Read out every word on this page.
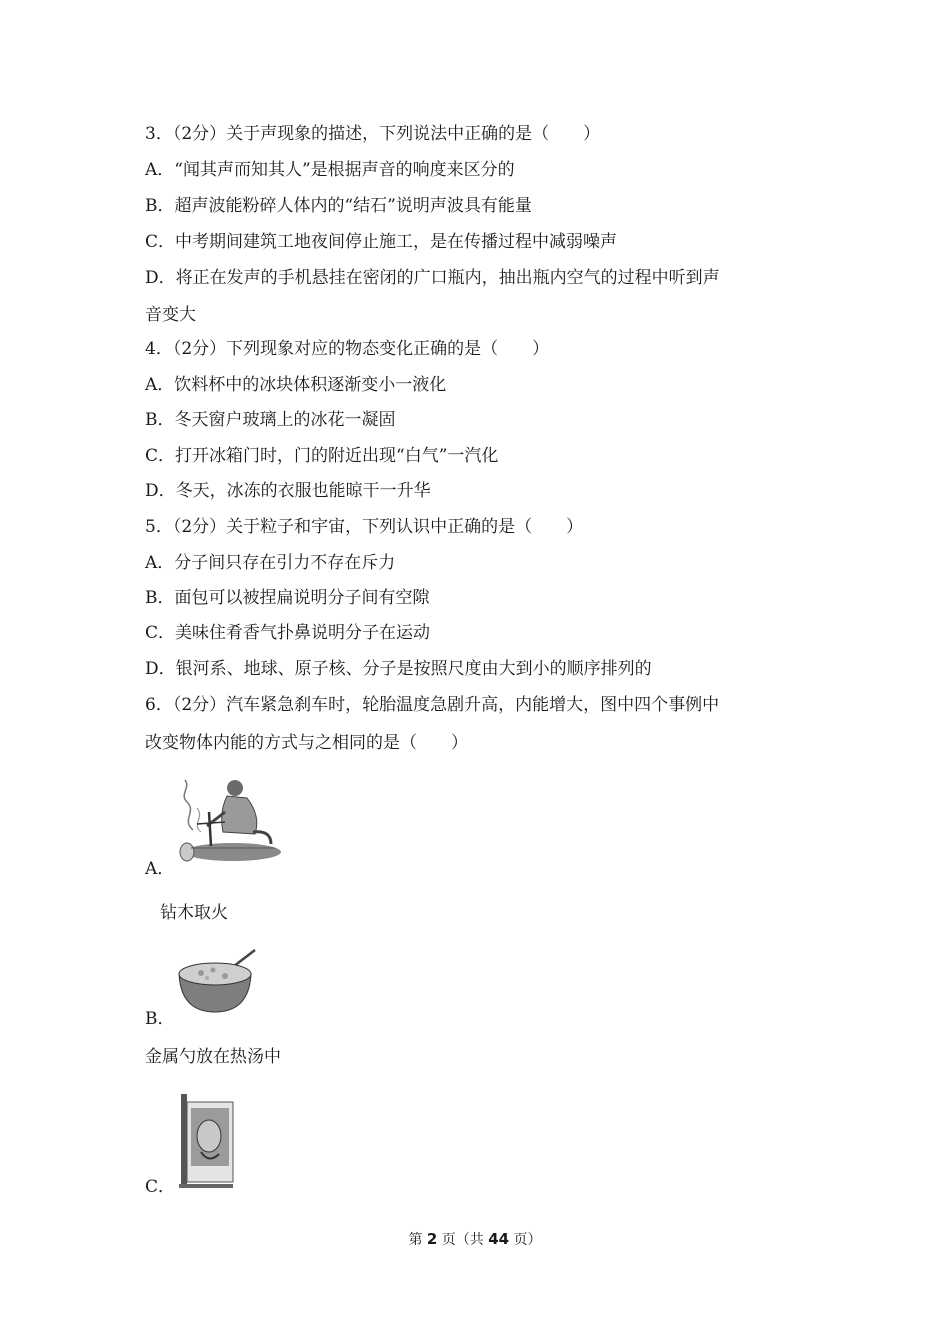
3．（2分）关于声现象的描述，下列说法中正确的是（　　）
A．“闻其声而知其人”是根据声音的响度来区分的
B．超声波能粉碎人体内的“结石”说明声波具有能量
C．中考期间建筑工地夜间停止施工，是在传播过程中减弱噪声
D．将正在发声的手机悬挂在密闭的广口瓶内，抽出瓶内空气的过程中听到声
音变大
4．（2分）下列现象对应的物态变化正确的是（　　）
A．饮料杯中的冰块体积逐渐变小一液化
B．冬天窗户玻璃上的冰花一凝固
C．打开冰箱门时，门的附近出现“白气”一汽化
D．冬天，冰冻的衣服也能晾干一升华
5．（2分）关于粒子和宇宙，下列认识中正确的是（　　）
A．分子间只存在引力不存在斥力
B．面包可以被捏扁说明分子间有空隙
C．美味住肴香气扑鼻说明分子在运动
D．银河系、地球、原子核、分子是按照尺度由大到小的顺序排列的
6．（2分）汽车紧急刹车时，轮胎温度急剧升高，内能增大，图中四个事例中
改变物体内能的方式与之相同的是（　　）
A．
钻木取火
B．
金属勺放在热汤中
C．
第 2 页（共 44 页）
